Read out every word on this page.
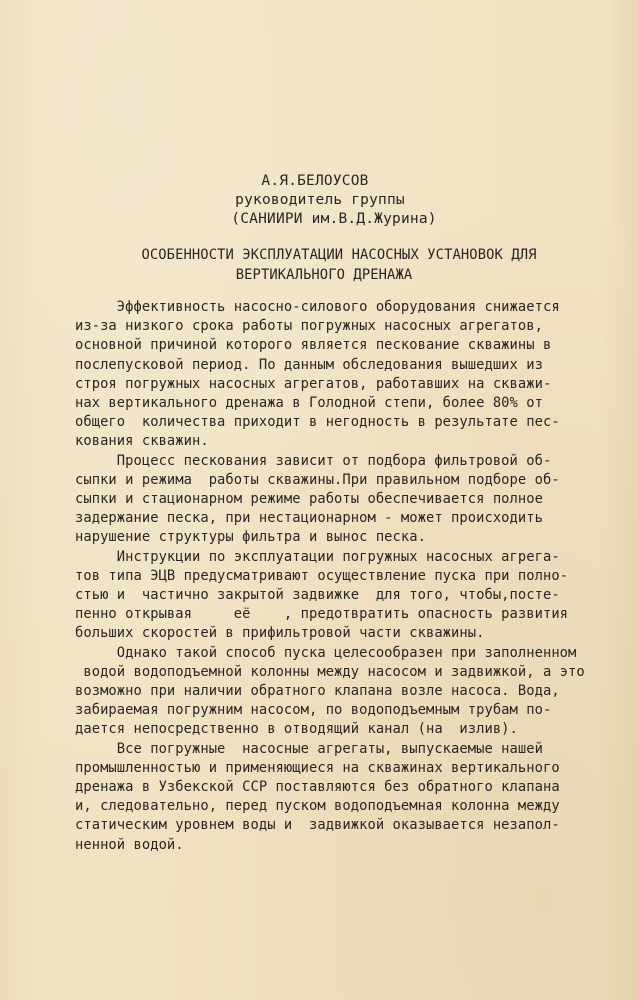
А.Я.БЕЛОУСОВ
руководитель группы
(САНИИРИ им.В.Д.Журина)
ОСОБЕННОСТИ ЭКСПЛУАТАЦИИ НАСОСНЫХ УСТАНОВОК ДЛЯ
ВЕРТИКАЛЬНОГО ДРЕНАЖА
Эффективность насосно-силового оборудования снижается
из-за низкого срока работы погружных насосных агрегатов,
основной причиной которого является пескование скважины в
послепусковой период. По данным обследования вышедших из
строя погружных насосных агрегатов, работавших на скважи-
нах вертикального дренажа в Голодной степи, более 80% от
общего  количества приходит в негодность в результате пес-
кования скважин.
Процесс пескования зависит от подбора фильтровой об-
сыпки и режима  работы скважины.При правильном подборе об-
сыпки и стационарном режиме работы обеспечивается полное
задержание песка, при нестационарном - может происходить
нарушение структуры фильтра и вынос песка.
Инструкции по эксплуатации погружных насосных агрега-
тов типа ЭЦВ предусматривают осуществление пуска при полно-
стью и  частично закрытой задвижке  для того, чтобы,посте-
пенно открывая     её    , предотвратить опасность развития
больших скоростей в прифильтровой части скважины.
Однако такой способ пуска целесообразен при заполненном
водой водоподъемной колонны между насосом и задвижкой, а это
возможно при наличии обратного клапана возле насоса. Вода,
забираемая погружним насосом, по водоподъемным трубам по-
дается непосредственно в отводящий канал (на  излив).
Все погружные  насосные агрегаты, выпускаемые нашей
промышленностью и применяющиеся на скважинах вертикального
дренажа в Узбекской ССР поставляются без обратного клапана
и, следовательно, перед пуском водоподъемная колонна между
статическим уровнем воды и  задвижкой оказывается незапол-
ненной водой.
